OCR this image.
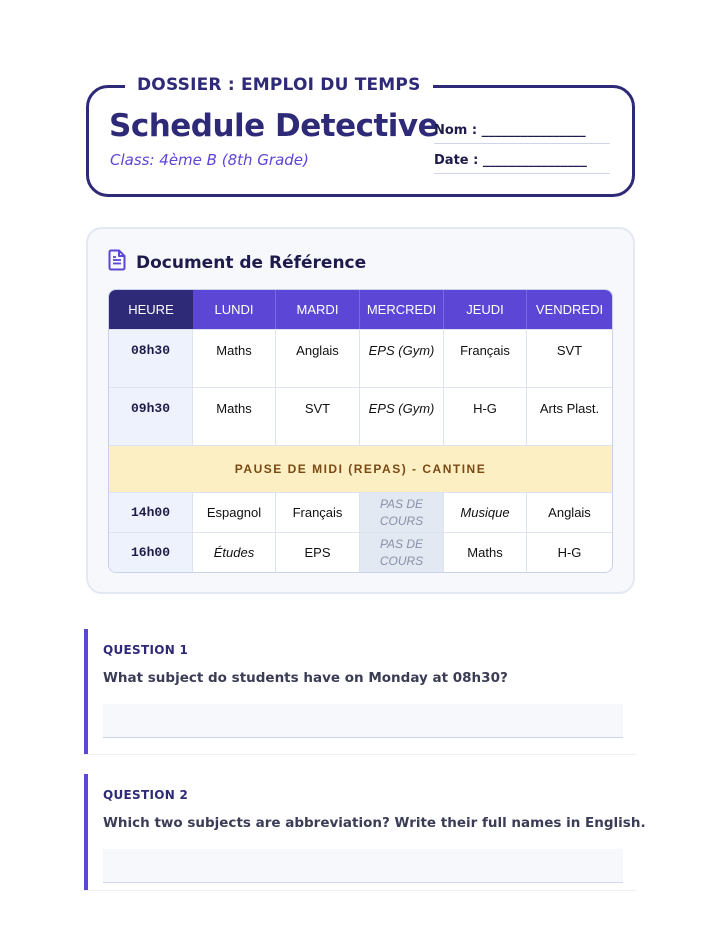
DOSSIER : EMPLOI DU TEMPS
Schedule Detective
Class: 4ème B (8th Grade)
Nom : ________________
Date : ________________
Document de Référence
HEURE	LUNDI	MARDI	MERCREDI	JEUDI	VENDREDI
08h30	Maths	Anglais	EPS (Gym)	Français	SVT
09h30	Maths	SVT	EPS (Gym)	H-G	Arts Plast.
PAUSE DE MIDI (REPAS) - CANTINE					
14h00	Espagnol	Français	PAS DE COURS	Musique	Anglais
16h00	Études	EPS	PAS DE COURS	Maths	H-G
QUESTION 1
What subject do students have on Monday at 08h30?
QUESTION 2
Which two subjects are abbreviation? Write their full names in English.
